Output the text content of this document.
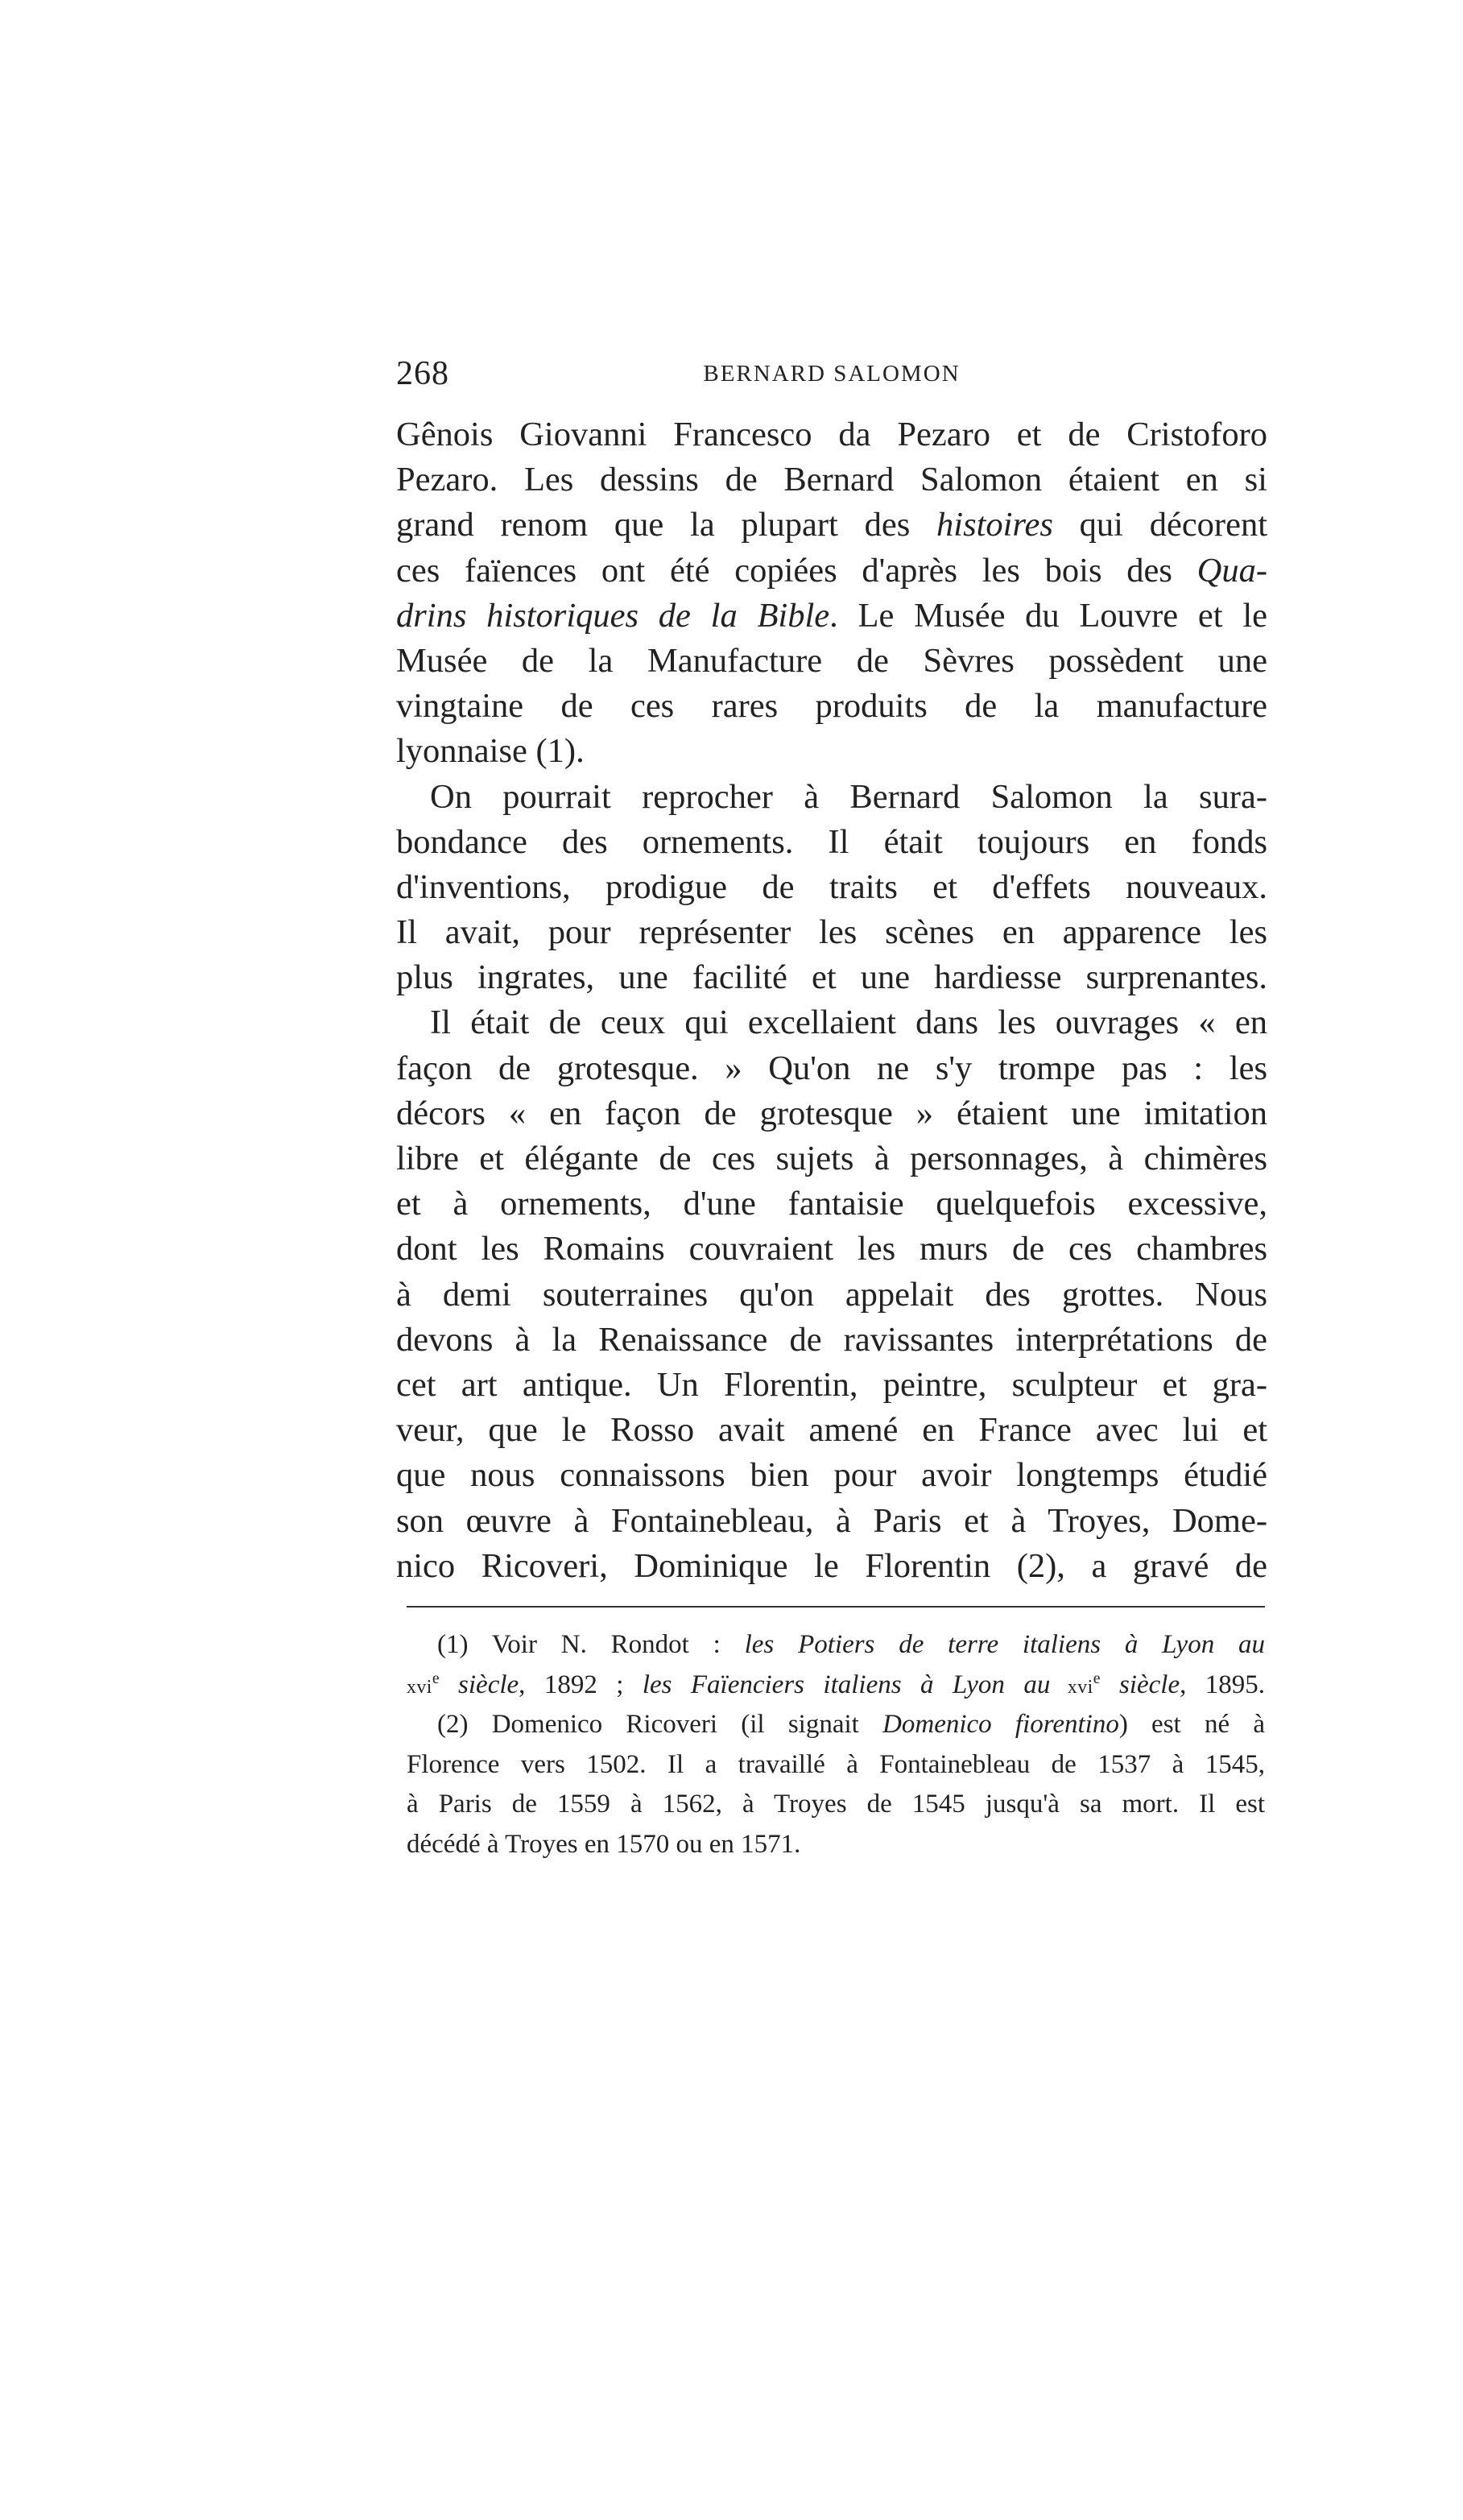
268	BERNARD SALOMON
Gênois Giovanni Francesco da Pezaro et de Cristoforo
Pezaro. Les dessins de Bernard Salomon étaient en si
grand renom que la plupart des histoires qui décorent
ces faïences ont été copiées d'après les bois des Qua-
drins historiques de la Bible. Le Musée du Louvre et le
Musée de la Manufacture de Sèvres possèdent une
vingtaine de ces rares produits de la manufacture
lyonnaise (1).
On pourrait reprocher à Bernard Salomon la sura-
bondance des ornements. Il était toujours en fonds
d'inventions, prodigue de traits et d'effets nouveaux.
Il avait, pour représenter les scènes en apparence les
plus ingrates, une facilité et une hardiesse surprenantes.
Il était de ceux qui excellaient dans les ouvrages « en
façon de grotesque. » Qu'on ne s'y trompe pas : les
décors « en façon de grotesque » étaient une imitation
libre et élégante de ces sujets à personnages, à chimères
et à ornements, d'une fantaisie quelquefois excessive,
dont les Romains couvraient les murs de ces chambres
à demi souterraines qu'on appelait des grottes. Nous
devons à la Renaissance de ravissantes interprétations de
cet art antique. Un Florentin, peintre, sculpteur et gra-
veur, que le Rosso avait amené en France avec lui et
que nous connaissons bien pour avoir longtemps étudié
son œuvre à Fontainebleau, à Paris et à Troyes, Dome-
nico Ricoveri, Dominique le Florentin (2), a gravé de
(1) Voir N. Rondot : les Potiers de terre italiens à Lyon au
xvi$^e$ siècle, 1892 ; les Faïenciers italiens à Lyon au xvi$^e$ siècle, 1895.
(2) Domenico Ricoveri (il signait Domenico fiorentino) est né à
Florence vers 1502. Il a travaillé à Fontainebleau de 1537 à 1545,
à Paris de 1559 à 1562, à Troyes de 1545 jusqu'à sa mort. Il est
décédé à Troyes en 1570 ou en 1571.
